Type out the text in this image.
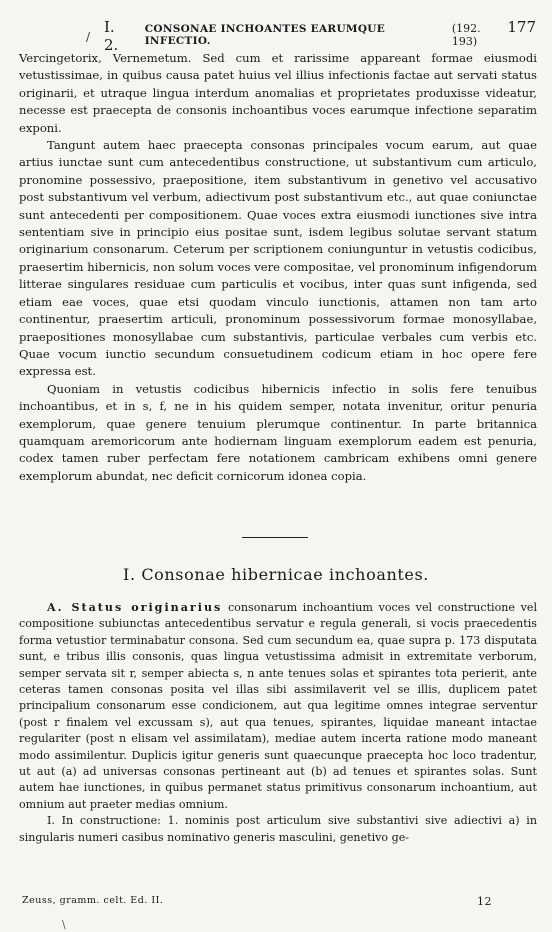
I. 2.
CONSONAE INCHOANTES EARUMQUE INFECTIO.
(192. 193)
177
/

Vercingetorix, Vernemetum. Sed cum et rarissime appareant formae eiusmodi vetustissimae, in quibus causa patet huius vel illius infectionis factae aut servati status originarii, et utraque lingua interdum anomalias et proprietates produxisse videatur, necesse est praecepta de consonis inchoantibus voces earumque infectione separatim exponi.

Tangunt autem haec praecepta consonas principales vocum earum, aut quae artius iunctae sunt cum antecedentibus constructione, ut substantivum cum articulo, pronomine possessivo, praepositione, item substantivum in genetivo vel accusativo post substantivum vel verbum, adiectivum post substantivum etc., aut quae coniunctae sunt antecedenti per compositionem. Quae voces extra eiusmodi iunctiones sive intra sententiam sive in principio eius positae sunt, isdem legibus solutae servant statum originarium consonarum. Ceterum per scriptionem coniunguntur in vetustis codicibus, praesertim hibernicis, non solum voces vere compositae, vel pronominum infigendorum litterae singulares residuae cum particulis et vocibus, inter quas sunt infigenda, sed etiam eae voces, quae etsi quodam vinculo iunctionis, attamen non tam arto continentur, praesertim articuli, pronominum possessivorum formae monosyllabae, praepositiones monosyllabae cum substantivis, particulae verbales cum verbis etc. Quae vocum iunctio secundum consuetudinem codicum etiam in hoc opere fere expressa est.

Quoniam in vetustis codicibus hibernicis infectio in solis fere tenuibus inchoantibus, et in s, f, ne in his quidem semper, notata invenitur, oritur penuria exemplorum, quae genere tenuium plerumque continentur. In parte britannica quamquam aremoricorum ante hodiernam linguam exemplorum eadem est penuria, codex tamen ruber perfectam fere notationem cambricam exhibens omni genere exemplorum abundat, nec deficit cornicorum idonea copia.

I. Consonae hibernicae inchoantes.

A. Status originarius consonarum inchoantium voces vel constructione vel compositione subiunctas antecedentibus servatur e regula generali, si vocis praecedentis forma vetustior terminabatur consona. Sed cum secundum ea, quae supra p. 173 disputata sunt, e tribus illis consonis, quas lingua vetustissima admisit in extremitate verborum, semper servata sit r, semper abiecta s, n ante tenues solas et spirantes tota perierit, ante ceteras tamen consonas posita vel illas sibi assimilaverit vel se illis, duplicem patet principalium consonarum esse condicionem, aut qua legitime omnes integrae serventur (post r finalem vel excussam s), aut qua tenues, spirantes, liquidae maneant intactae regulariter (post n elisam vel assimilatam), mediae autem incerta ratione modo maneant modo assimilentur. Duplicis igitur generis sunt quaecunque praecepta hoc loco tradentur, ut aut (a) ad universas consonas pertineant aut (b) ad tenues et spirantes solas. Sunt autem hae iunctiones, in quibus permanet status primitivus consonarum inchoantium, aut omnium aut praeter medias omnium.

I. In constructione: 1. nominis post articulum sive substantivi sive adiectivi a) in singularis numeri casibus nominativo generis masculini, genetivo ge-

Zeuss, gramm. celt. Ed. II.	12
\
